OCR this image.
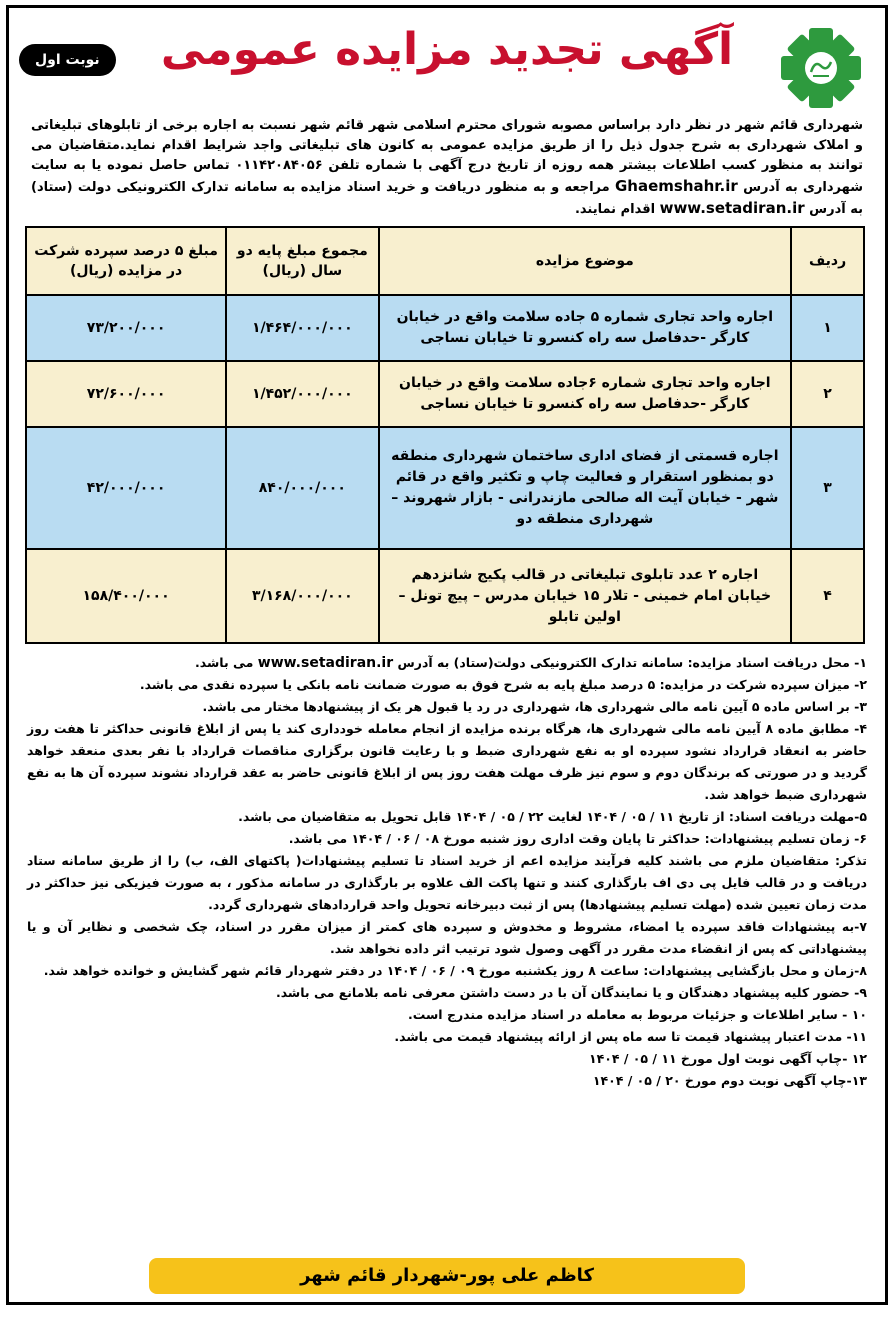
آگهی تجدید مزایده عمومی
نوبت اول
شهرداری قائم شهر در نظر دارد براساس مصوبه شورای محترم اسلامی شهر قائم شهر نسبت به اجاره برخی از تابلوهای تبلیغاتی و املاک شهرداری به شرح جدول ذیل را از طریق مزایده عمومی به کانون های تبلیغاتی واجد شرایط اقدام نماید.متقاضیان می توانند به منظور کسب اطلاعات بیشتر همه روزه از تاریخ درج آگهی با شماره تلفن ۰۱۱۴۲۰۸۴۰۵۶ تماس حاصل نموده یا به سایت شهرداری به آدرس Ghaemshahr.ir مراجعه و به منظور دریافت و خرید اسناد مزایده به سامانه تدارک الکترونیکی دولت (ستاد) به آدرس www.setadiran.ir اقدام نمایند.
ردیف	موضوع مزایده	مجموع مبلغ پایه دو سال (ریال)	مبلغ ۵ درصد سپرده شرکت در مزایده (ریال)
۱	اجاره واحد تجاری شماره ۵ جاده سلامت واقع در خیابان کارگر -حدفاصل سه راه کنسرو تا خیابان نساجی	۱/۴۶۴/۰۰۰/۰۰۰	۷۳/۲۰۰/۰۰۰
۲	اجاره واحد تجاری شماره ۶جاده سلامت واقع در خیابان کارگر -حدفاصل سه راه کنسرو تا خیابان نساجی	۱/۴۵۲/۰۰۰/۰۰۰	۷۲/۶۰۰/۰۰۰
۳	اجاره قسمتی از فضای اداری ساختمان شهرداری منطقه دو بمنظور استقرار و فعالیت چاپ و تکثیر واقع در قائم شهر - خیابان آیت اله صالحی مازندرانی - بازار شهروند – شهرداری منطقه دو	۸۴۰/۰۰۰/۰۰۰	۴۲/۰۰۰/۰۰۰
۴	اجاره ۲ عدد تابلوی تبلیغاتی در قالب پکیج شانزدهم خیابان امام خمینی - تلار ۱۵ خیابان مدرس – پیچ تونل – اولین تابلو	۳/۱۶۸/۰۰۰/۰۰۰	۱۵۸/۴۰۰/۰۰۰

۱- محل دریافت اسناد مزایده: سامانه تدارک الکترونیکی دولت(ستاد) به آدرس www.setadiran.ir می باشد.

۲- میزان سپرده شرکت در مزایده: ۵ درصد مبلغ پایه به شرح فوق به صورت ضمانت نامه بانکی یا سپرده نقدی می باشد.

۳- بر اساس ماده ۵ آیین نامه مالی شهرداری ها، شهرداری در رد یا قبول هر یک از پیشنهادها مختار می باشد.

۴- مطابق ماده ۸ آیین نامه مالی شهرداری ها، هرگاه برنده مزایده از انجام معامله خودداری کند یا پس از ابلاغ قانونی حداکثر تا هفت روز حاضر به انعقاد قرارداد نشود سپرده او به نفع شهرداری ضبط و با رعایت قانون برگزاری مناقصات قرارداد با نفر بعدی منعقد خواهد گردید و در صورتی که برندگان دوم و سوم نیز ظرف مهلت هفت روز پس از ابلاغ قانونی حاضر به عقد قرارداد نشوند سپرده آن ها به نفع شهرداری ضبط خواهد شد.

۵-مهلت دریافت اسناد: از تاریخ ۱۱ / ۰۵ / ۱۴۰۴ لغایت ۲۲ / ۰۵ / ۱۴۰۴ قابل تحویل به متقاضیان می باشد.

۶- زمان تسلیم پیشنهادات: حداکثر تا پایان وقت اداری روز شنبه مورخ ۰۸ / ۰۶ / ۱۴۰۴ می باشد.

تذکر: متقاضیان ملزم می باشند کلیه فرآیند مزایده اعم از خرید اسناد تا تسلیم پیشنهادات( پاکتهای الف، ب) را از طریق سامانه ستاد دریافت و در قالب فایل پی دی اف بارگذاری کنند و تنها پاکت الف علاوه بر بارگذاری در سامانه مذکور ، به صورت فیزیکی نیز حداکثر در مدت زمان تعیین شده (مهلت تسلیم پیشنهادها) پس از ثبت دبیرخانه تحویل واحد قراردادهای شهرداری گردد.

۷-به پیشنهادات فاقد سپرده یا امضاء، مشروط و مخدوش و سپرده های کمتر از میزان مقرر در اسناد، چک شخصی و نظایر آن و یا پیشنهاداتی که پس از انقضاء مدت مقرر در آگهی وصول شود ترتیب اثر داده نخواهد شد.

۸-زمان و محل بازگشایی پیشنهادات: ساعت ۸ روز یکشنبه مورخ ۰۹ / ۰۶ / ۱۴۰۴ در دفتر شهردار قائم شهر گشایش و خوانده خواهد شد.

۹- حضور کلیه پیشنهاد دهندگان و یا نمایندگان آن با در دست داشتن معرفی نامه بلامانع می باشد.

۱۰ - سایر اطلاعات و جزئیات مربوط به معامله در اسناد مزایده مندرج است.

۱۱- مدت اعتبار پیشنهاد قیمت تا سه ماه پس از ارائه پیشنهاد قیمت می باشد.

۱۲ -چاپ آگهی نوبت اول مورخ ۱۱ / ۰۵ / ۱۴۰۴

۱۳-چاپ آگهی نوبت دوم مورخ ۲۰ / ۰۵ / ۱۴۰۴

کاظم علی پور-شهردار قائم شهر
